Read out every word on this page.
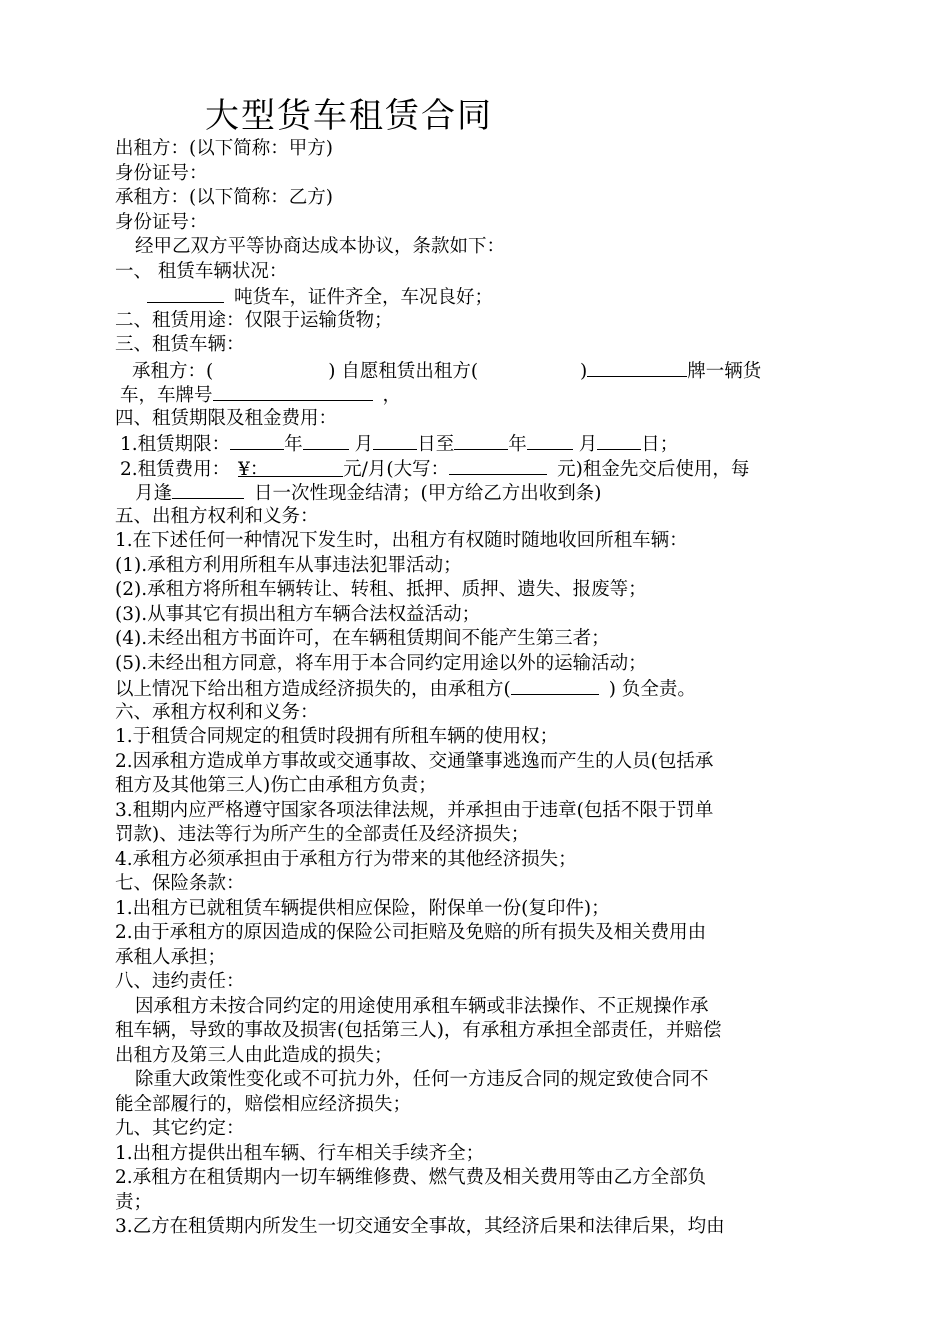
大型货车租赁合同
出租方：(以下简称：甲方)
身份证号：
承租方：(以下简称：乙方)
身份证号：
经甲乙双方平等协商达成本协议，条款如下：
一、 租赁车辆状况：
吨货车，证件齐全，车况良好；
二、租赁用途：仅限于运输货物；
三、租赁车辆：
承租方：(	) 自愿租赁出租方(	)	牌一辆货
车，车牌号	，
四、租赁期限及租金费用：
1.租赁期限：	年	月 日至	年	月 日；
2.租赁费用： ¥：	元/月(大写：	元)租金先交后使用，每
月逢	日一次性现金结清；(甲方给乙方出收到条)
五、出租方权利和义务：
1.在下述任何一种情况下发生时，出租方有权随时随地收回所租车辆：
(1).承租方利用所租车从事违法犯罪活动；
(2).承租方将所租车辆转让、转租、抵押、质押、遗失、报废等；
(3).从事其它有损出租方车辆合法权益活动；
(4).未经出租方书面许可，在车辆租赁期间不能产生第三者；
(5).未经出租方同意，将车用于本合同约定用途以外的运输活动；
以上情况下给出租方造成经济损失的，由承租方(	) 负全责。
六、承租方权利和义务：
1.于租赁合同规定的租赁时段拥有所租车辆的使用权；
2.因承租方造成单方事故或交通事故、交通肇事逃逸而产生的人员(包括承
租方及其他第三人)伤亡由承租方负责；
3.租期内应严格遵守国家各项法律法规，并承担由于违章(包括不限于罚单
罚款)、违法等行为所产生的全部责任及经济损失；
4.承租方必须承担由于承租方行为带来的其他经济损失；
七、保险条款：
1.出租方已就租赁车辆提供相应保险，附保单一份(复印件)；
2.由于承租方的原因造成的保险公司拒赔及免赔的所有损失及相关费用由
承租人承担；
八、违约责任：
因承租方未按合同约定的用途使用承租车辆或非法操作、不正规操作承
租车辆，导致的事故及损害(包括第三人)，有承租方承担全部责任，并赔偿
出租方及第三人由此造成的损失；
除重大政策性变化或不可抗力外，任何一方违反合同的规定致使合同不
能全部履行的，赔偿相应经济损失；
九、其它约定：
1.出租方提供出租车辆、行车相关手续齐全；
2.承租方在租赁期内一切车辆维修费、燃气费及相关费用等由乙方全部负
责；
3.乙方在租赁期内所发生一切交通安全事故，其经济后果和法律后果，均由
